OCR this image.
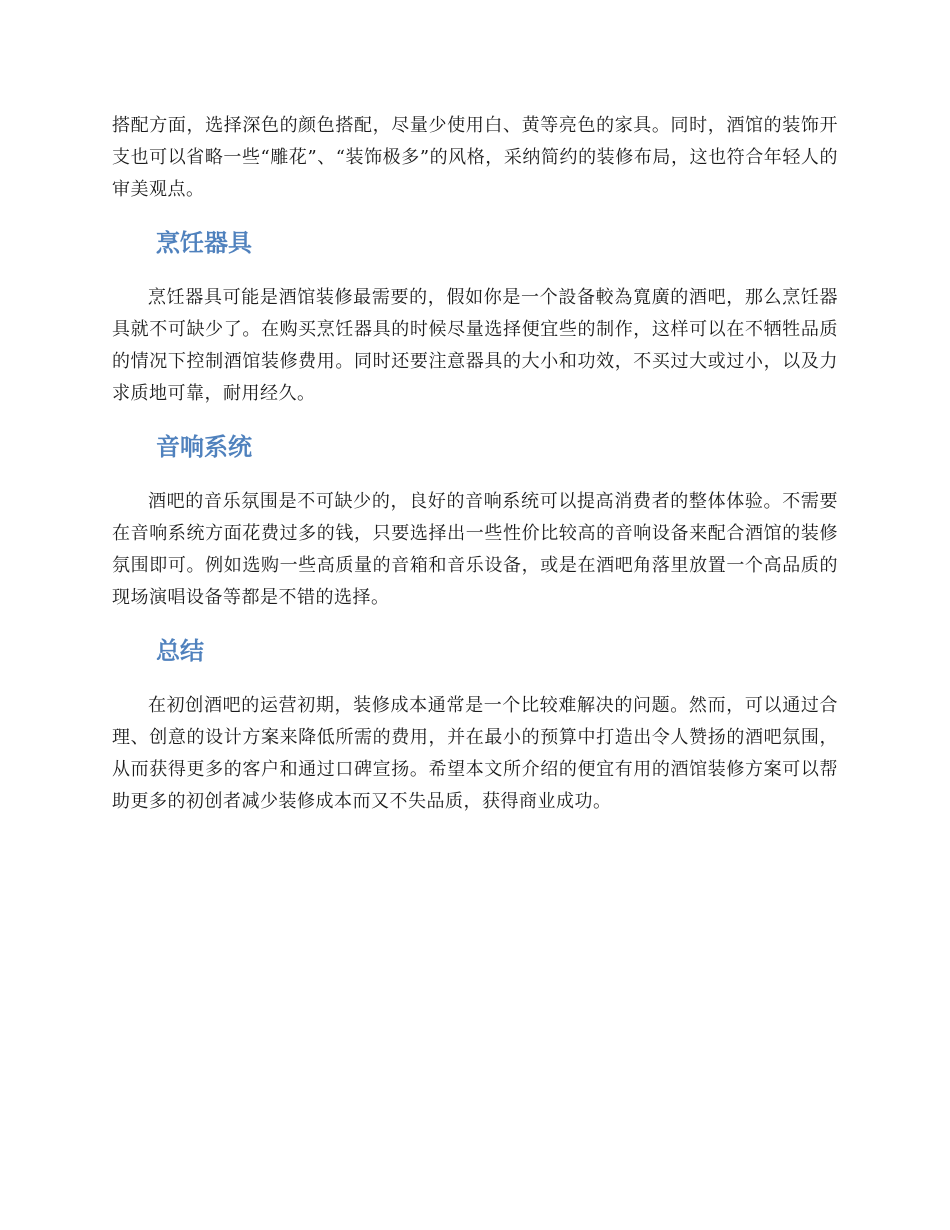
搭配方面，选择深色的颜色搭配，尽量少使用白、黄等亮色的家具。同时，酒馆的装饰开支也可以省略一些“雕花”、“装饰极多”的风格，采纳简约的装修布局，这也符合年轻人的审美观点。

烹饪器具

烹饪器具可能是酒馆装修最需要的，假如你是一个設备較為寬廣的酒吧，那么烹饪器具就不可缺少了。在购买烹饪器具的时候尽量选择便宜些的制作，这样可以在不牺牲品质的情况下控制酒馆装修费用。同时还要注意器具的大小和功效，不买过大或过小，以及力求质地可靠，耐用经久。

音响系统

酒吧的音乐氛围是不可缺少的，良好的音响系统可以提高消费者的整体体验。不需要在音响系统方面花费过多的钱，只要选择出一些性价比较高的音响设备来配合酒馆的装修氛围即可。例如选购一些高质量的音箱和音乐设备，或是在酒吧角落里放置一个高品质的现场演唱设备等都是不错的选择。

总结

在初创酒吧的运营初期，装修成本通常是一个比较难解决的问题。然而，可以通过合理、创意的设计方案来降低所需的费用，并在最小的预算中打造出令人赞扬的酒吧氛围，从而获得更多的客户和通过口碑宣扬。希望本文所介绍的便宜有用的酒馆装修方案可以帮助更多的初创者减少装修成本而又不失品质，获得商业成功。
